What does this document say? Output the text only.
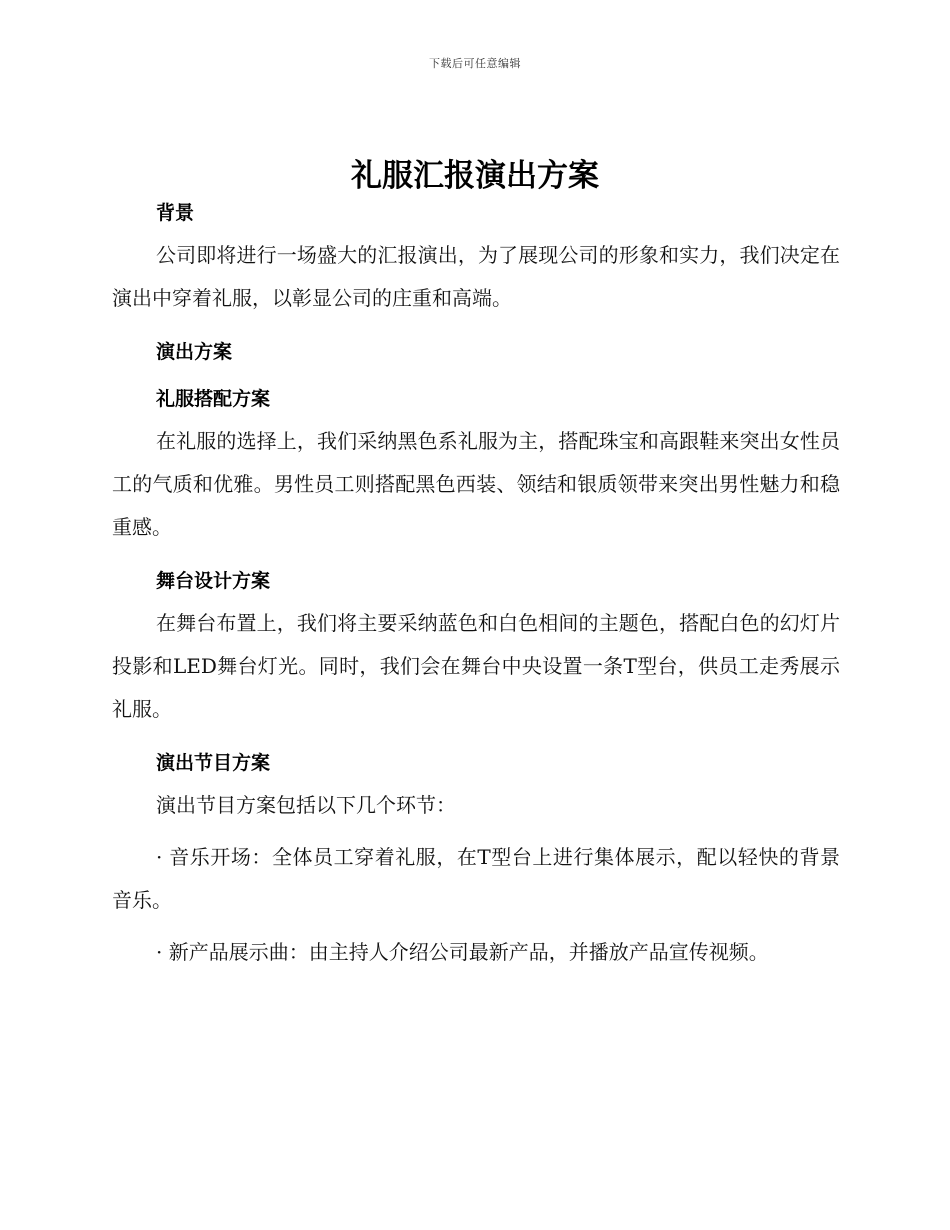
下载后可任意编辑
礼服汇报演出方案

背景

公司即将进行一场盛大的汇报演出，为了展现公司的形象和实力，我们决定在演出中穿着礼服，以彰显公司的庄重和高端。

演出方案

礼服搭配方案

在礼服的选择上，我们采纳黑色系礼服为主，搭配珠宝和高跟鞋来突出女性员工的气质和优雅。男性员工则搭配黑色西装、领结和银质领带来突出男性魅力和稳重感。

舞台设计方案

在舞台布置上，我们将主要采纳蓝色和白色相间的主题色，搭配白色的幻灯片投影和LED舞台灯光。同时，我们会在舞台中央设置一条T型台，供员工走秀展示礼服。

演出节目方案

演出节目方案包括以下几个环节：

· 音乐开场：全体员工穿着礼服，在T型台上进行集体展示，配以轻快的背景音乐。

· 新产品展示曲：由主持人介绍公司最新产品，并播放产品宣传视频。
